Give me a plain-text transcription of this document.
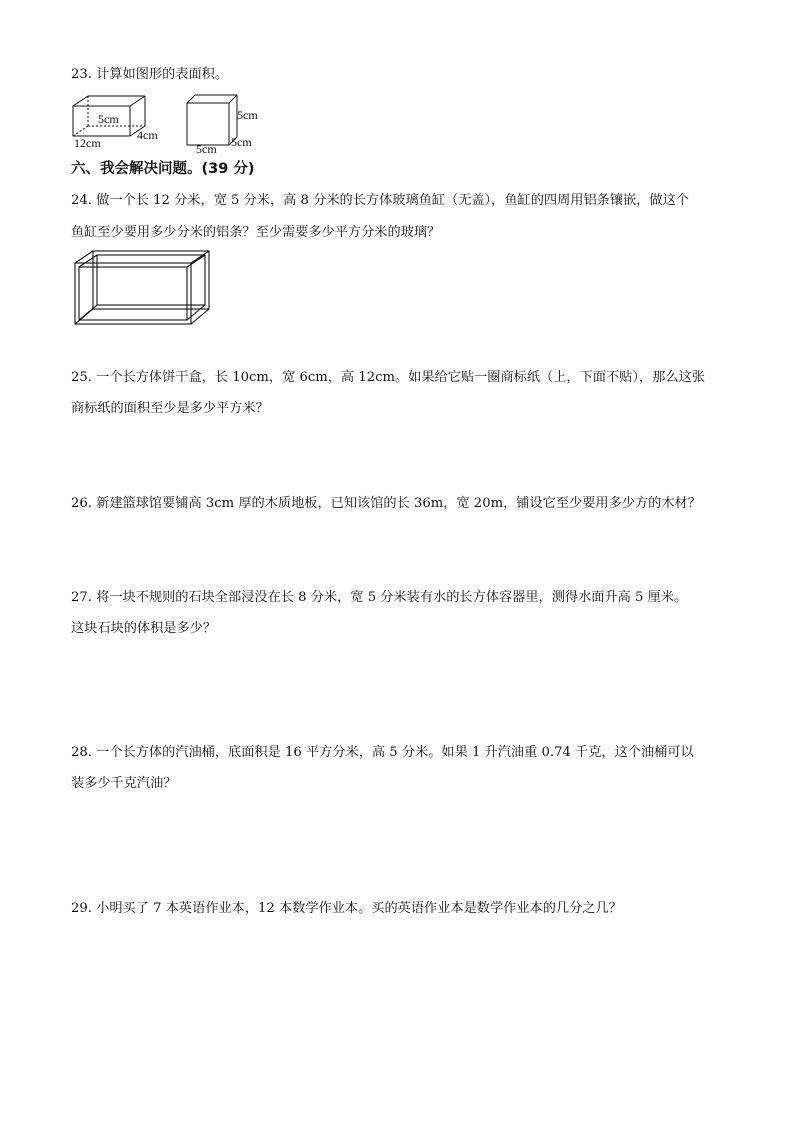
23. 计算如图形的表面积。
5cm
4cm
12cm
5cm
5cm
5cm
六、我会解决问题。(39 分)
24. 做一个长 12 分米，宽 5 分米，高 8 分米的长方体玻璃鱼缸（无盖），鱼缸的四周用铝条镶嵌，做这个
鱼缸至少要用多少分米的铝条？至少需要多少平方分米的玻璃？
25. 一个长方体饼干盒，长 10cm，宽 6cm，高 12cm。如果给它贴一圈商标纸（上，下面不贴），那么这张
商标纸的面积至少是多少平方米？
26. 新建篮球馆要铺高 3cm 厚的木质地板，已知该馆的长 36m，宽 20m，铺设它至少要用多少方的木材？
27. 将一块不规则的石块全部浸没在长 8 分米，宽 5 分米装有水的长方体容器里，测得水面升高 5 厘米。
这块石块的体积是多少？
28. 一个长方体的汽油桶，底面积是 16 平方分米，高 5 分米。如果 1 升汽油重 0.74 千克，这个油桶可以
装多少千克汽油？
29. 小明买了 7 本英语作业本，12 本数学作业本。买的英语作业本是数学作业本的几分之几？
